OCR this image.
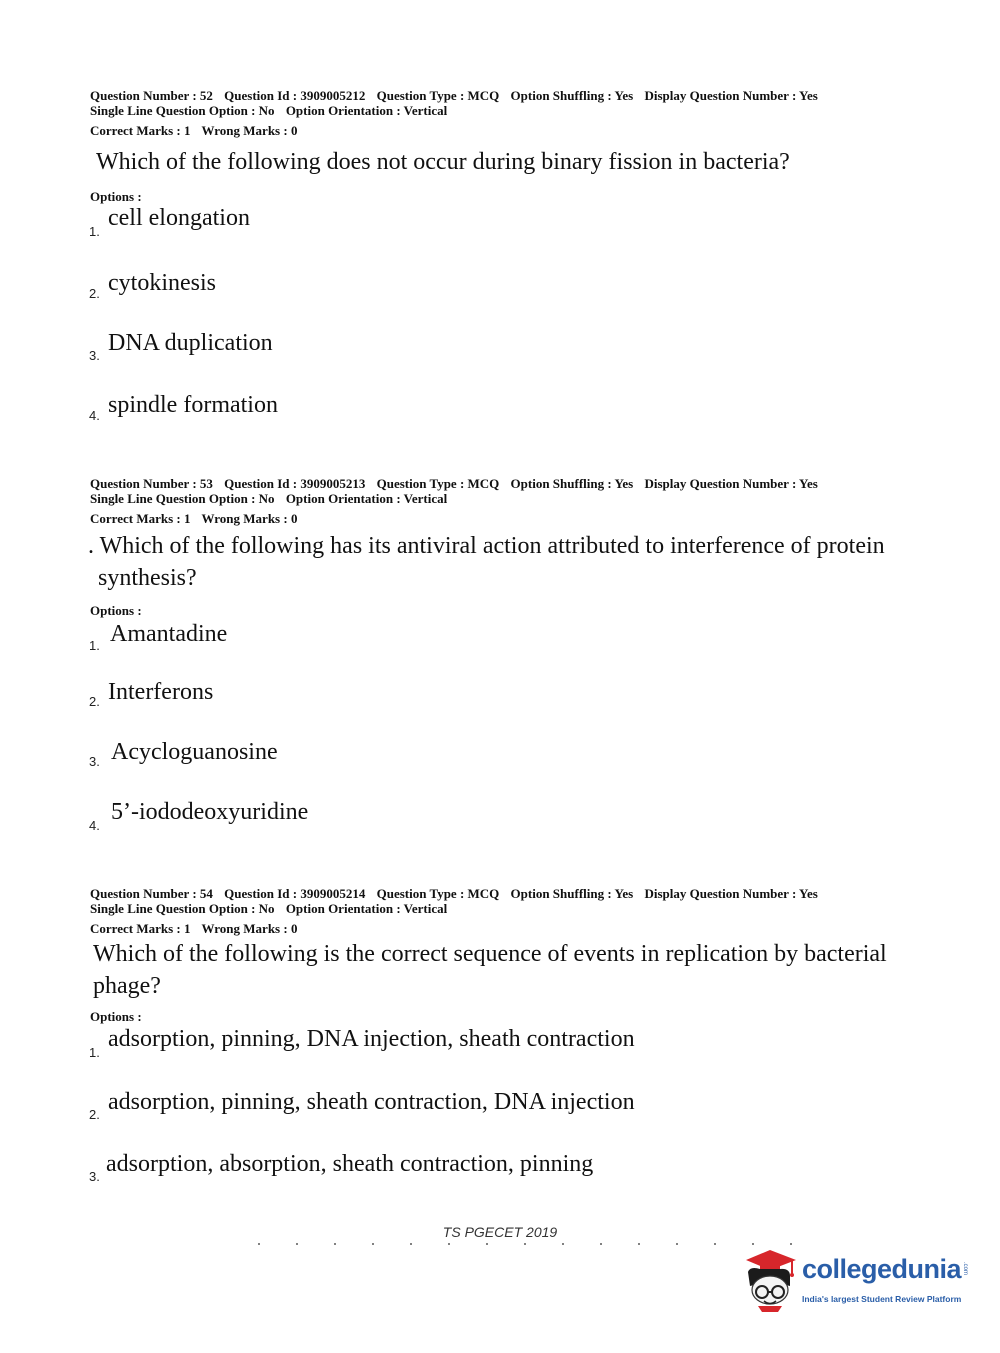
Question Number : 52 Question Id : 3909005212 Question Type : MCQ Option Shuffling : Yes Display Question Number : Yes
Single Line Question Option : No Option Orientation : Vertical
Correct Marks : 1 Wrong Marks : 0
Which of the following does not occur during binary fission in bacteria?
Options :
1.
cell elongation
2. cytokinesis
3. DNA duplication
4. spindle formation
Question Number : 53 Question Id : 3909005213 Question Type : MCQ Option Shuffling : Yes Display Question Number : Yes
Single Line Question Option : No Option Orientation : Vertical
Correct Marks : 1 Wrong Marks : 0
. Which of the following has its antiviral action attributed to interference of protein synthesis?
Options :
1. Amantadine
2. Interferons
3. Acycloguanosine
4.
5’-iododeoxyuridine
Question Number : 54 Question Id : 3909005214 Question Type : MCQ Option Shuffling : Yes Display Question Number : Yes
Single Line Question Option : No Option Orientation : Vertical
Correct Marks : 1 Wrong Marks : 0
Which of the following is the correct sequence of events in replication by bacterial phage?
Options :
1.
adsorption, pinning, DNA injection, sheath contraction
2. adsorption, pinning, sheath contraction, DNA injection
3. adsorption, absorption, sheath contraction, pinning
TS PGECET 2019
collegedunia .com
India's largest Student Review Platform
